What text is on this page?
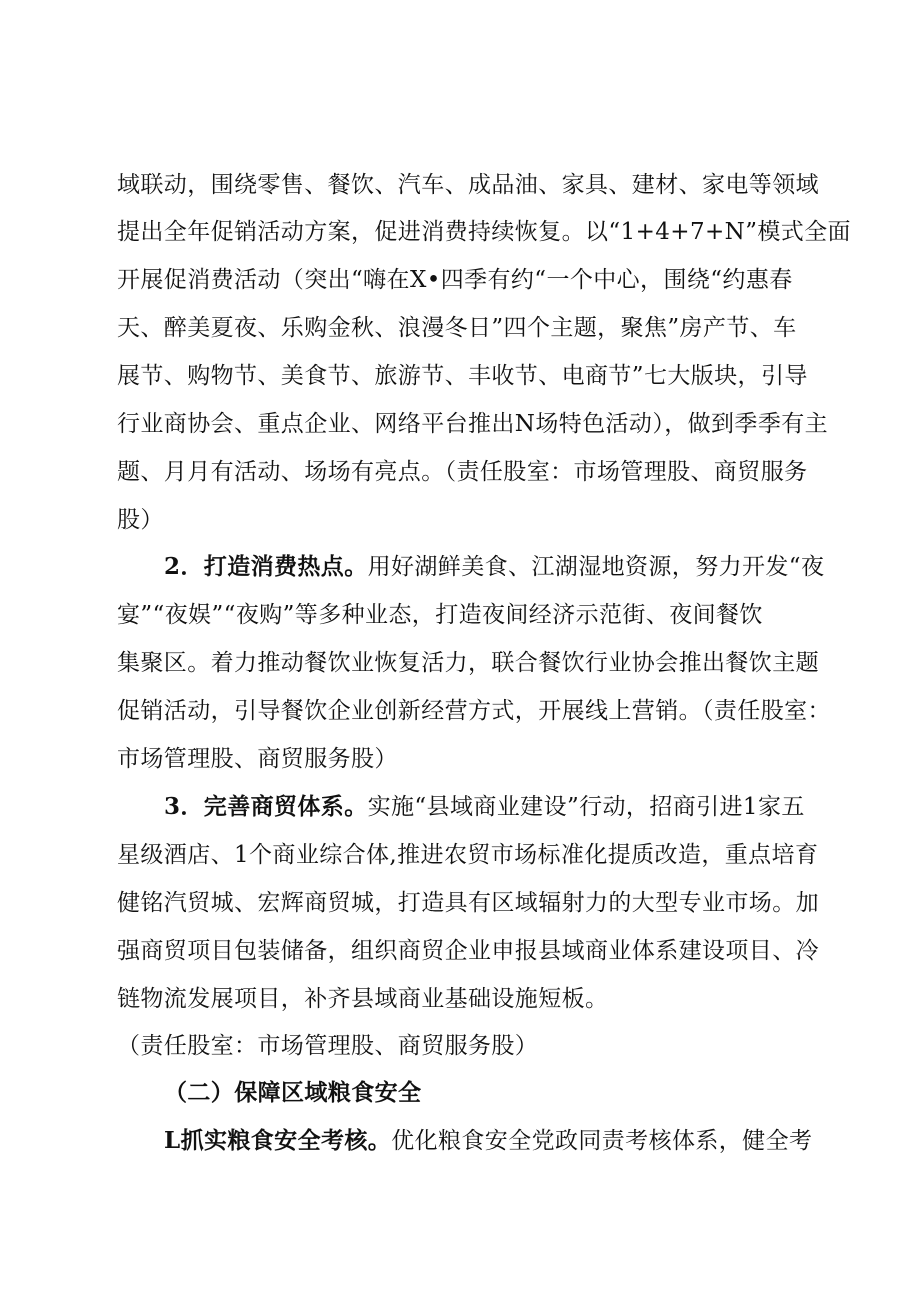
域联动，围绕零售、餐饮、汽车、成品油、家具、建材、家电等领域
提出全年促销活动方案，促进消费持续恢复。以“1+4+7+N”模式全面
开展促消费活动（突出“嗨在X•四季有约“一个中心，围绕“约惠春
天、醉美夏夜、乐购金秋、浪漫冬日”四个主题，聚焦”房产节、车
展节、购物节、美食节、旅游节、丰收节、电商节”七大版块，引导
行业商协会、重点企业、网络平台推出N场特色活动），做到季季有主
题、月月有活动、场场有亮点。（责任股室：市场管理股、商贸服务
股）
2．打造消费热点。用好湖鲜美食、江湖湿地资源，努力开发“夜
宴”“夜娱”“夜购”等多种业态，打造夜间经济示范街、夜间餐饮
集聚区。着力推动餐饮业恢复活力，联合餐饮行业协会推出餐饮主题
促销活动，引导餐饮企业创新经营方式，开展线上营销。（责任股室：
市场管理股、商贸服务股）
3．完善商贸体系。实施“县域商业建设”行动，招商引进1家五
星级酒店、1个商业综合体,推进农贸市场标准化提质改造，重点培育
健铭汽贸城、宏辉商贸城，打造具有区域辐射力的大型专业市场。加
强商贸项目包装储备，组织商贸企业申报县域商业体系建设项目、冷
链物流发展项目，补齐县域商业基础设施短板。
（责任股室：市场管理股、商贸服务股）
（二）保障区域粮食安全
L抓实粮食安全考核。优化粮食安全党政同责考核体系，健全考
